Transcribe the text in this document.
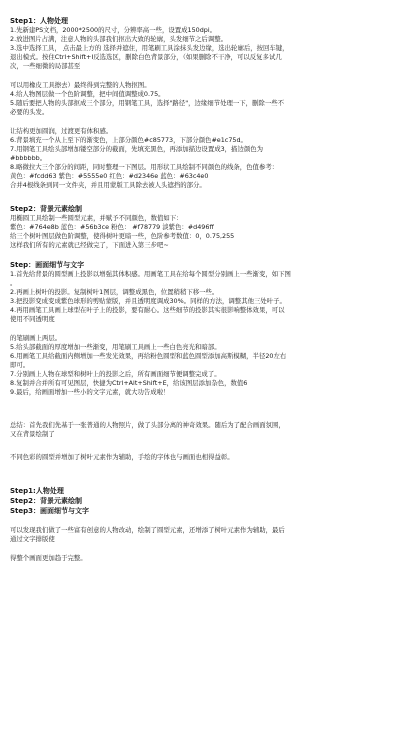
Step1：人物处理

1.先新建PS文档，2000*2500的尺寸，分辨率高一些，设置成150dpi。

2.放进图片占满，注意人物的头部我们抠出大致的轮廓，头发细节之后调整。

3.选中选择工具， 点击最上方的 选择并遮住，用笔刷工具涂抹头发边缘，选出轮廓后，按回车键，

退出模式。按住Ctrl+Shift+I反选选区，删除白色背景部分，（如果删除不干净，可以反复多试几

次，一些细微的局部甚至

可以用橡皮工具擦去）最终得到完整的人物抠图。

4.给人物图层做一个色阶调整，把中间值调整成0.75。

5.随后要把人物的头部抠成三个部分，用钢笔工具，选择"路径"，边缘细节处理一下，删除一些不

必要的头发。

让结构更加圆润，过渡更有体积感。

6.背景填充一个从上至下的渐变色，上部分颜色#c85773，下部分颜色#e1c75d。

7.用钢笔工具绘头部增加镂空部分的截面，先填充黑色，再添加描边设置成3，描边颜色为

#bbbbbb。

8.略微拉大三个部分的间距，同时整理一下图层。用形状工具绘制不同颜色的线条，色值参考：

黄色：#fcdd63 紫色：#5555e0 红色：#d2346e 蓝色：#63c4e0

合并4根线条到同一文件夹，并且用蒙版工具除去被人头遮挡的部分。

Step2：背景元素绘制

用椭圆工具绘制一些圆型元素，并赋予不同颜色，数值如下：

紫色：#764e8b 蓝色：#56b3ce 粉色： #f78779 淡紫色：#d496ff

给三个树叶图层做色阶调整，使得树叶更暗一些，色阶参考数值：0，0.75,255

这样我们所有的元素就已经做完了，下面进入第三步吧~

Step：画面细节与文字

1.首先给背景的圆型画上投影以增强其体积感。用画笔工具在给每个圆型分别画上一些渐变，如下图

。

2.再画上树叶的投影。复制树叶1图层，调整成黑色，位置稍稍下移一些。

3.把投影变成变成紫色球形的剪贴蒙版，并且透明度调成30%。同样的方法，调整其他三处叶子。

4.再用画笔工具画上球型在叶子上的投影，要有耐心。这些细节的投影其实很影响整体效果，可以

使用不同透明度

的笔刷画上两层。

5.给头部截面的厚度增加一些渐变，用笔刷工具画上一些白色亮光和暗部。

6.用画笔工具给截面内侧增加一些发光效果，再给粉色圆型和蓝色圆型添加高斯模糊，半径20左右

即可。

7.分别画上人物在球型和树叶上的投影之后，所有画面细节便调整完成了。

8.复制并合并所有可见图层，快捷为Ctrl+Alt+Shift+E，给该图层添加杂色，数值6

9.最后，给画面增加一些小的文字元素，就大功告成啦！

总结：首先我们先基于一张普通的人物照片，做了头部分离的神奇效果。随后为了配合画面氛围，

又在背景绘制了

不同色彩的圆型并增加了树叶元素作为辅助，手绘的字体也与画面也相得益彰。

Step1:人物处理

Step2：背景元素绘制

Step3：画面细节与文字

可以发现我们做了一些富有创意的人物改动，绘制了圆型元素，还增添了树叶元素作为辅助，最后

通过文字排版使

得整个画面更加趋于完整。
